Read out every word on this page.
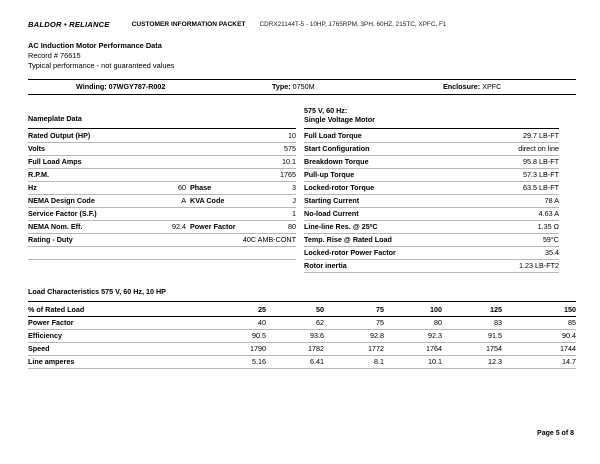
BALDOR • RELIANCE	CUSTOMER INFORMATION PACKET CDRX21144T-5 - 10HP, 1765RPM, 3PH, 60HZ, 215TC, XPFC, F1
AC Induction Motor Performance Data
Record # 76615
Typical performance - not guaranteed values
Winding: 07WGY787-R002	Type: 0750M	Enclosure: XPFC
Nameplate Data
Rated Output (HP)	10
Volts	575
Full Load Amps	10.1
R.P.M.	1765
Hz	60 Phase	3
NEMA Design Code	A KVA Code	J
Service Factor (S.F.)	1
NEMA Nom. Eff.	92.4 Power Factor	80
Rating - Duty	40C AMB-CONT
575 V, 60 Hz:
Single Voltage Motor
Full Load Torque	29.7 LB-FT
Start Configuration	direct on line
Breakdown Torque	95.8 LB-FT
Pull-up Torque	57.3 LB-FT
Locked-rotor Torque	63.5 LB-FT
Starting Current	78 A
No-load Current	4.63 A
Line-line Res. @ 25ºC	1.35 Ω
Temp. Rise @ Rated Load	59°C
Locked-rotor Power Factor	35.4
Rotor inertia	1.23 LB-FT2
Load Characteristics 575 V, 60 Hz, 10 HP
% of Rated Load	25	50	75	100	125	150
Power Factor	40	62	75	80	83	85
Efficiency	90.5	93.6	92.8	92.3	91.5	90.4
Speed	1790	1782	1772	1764	1754	1744
Line amperes	5.16	6.41	8.1	10.1	12.3	14.7
Page 5 of 8
